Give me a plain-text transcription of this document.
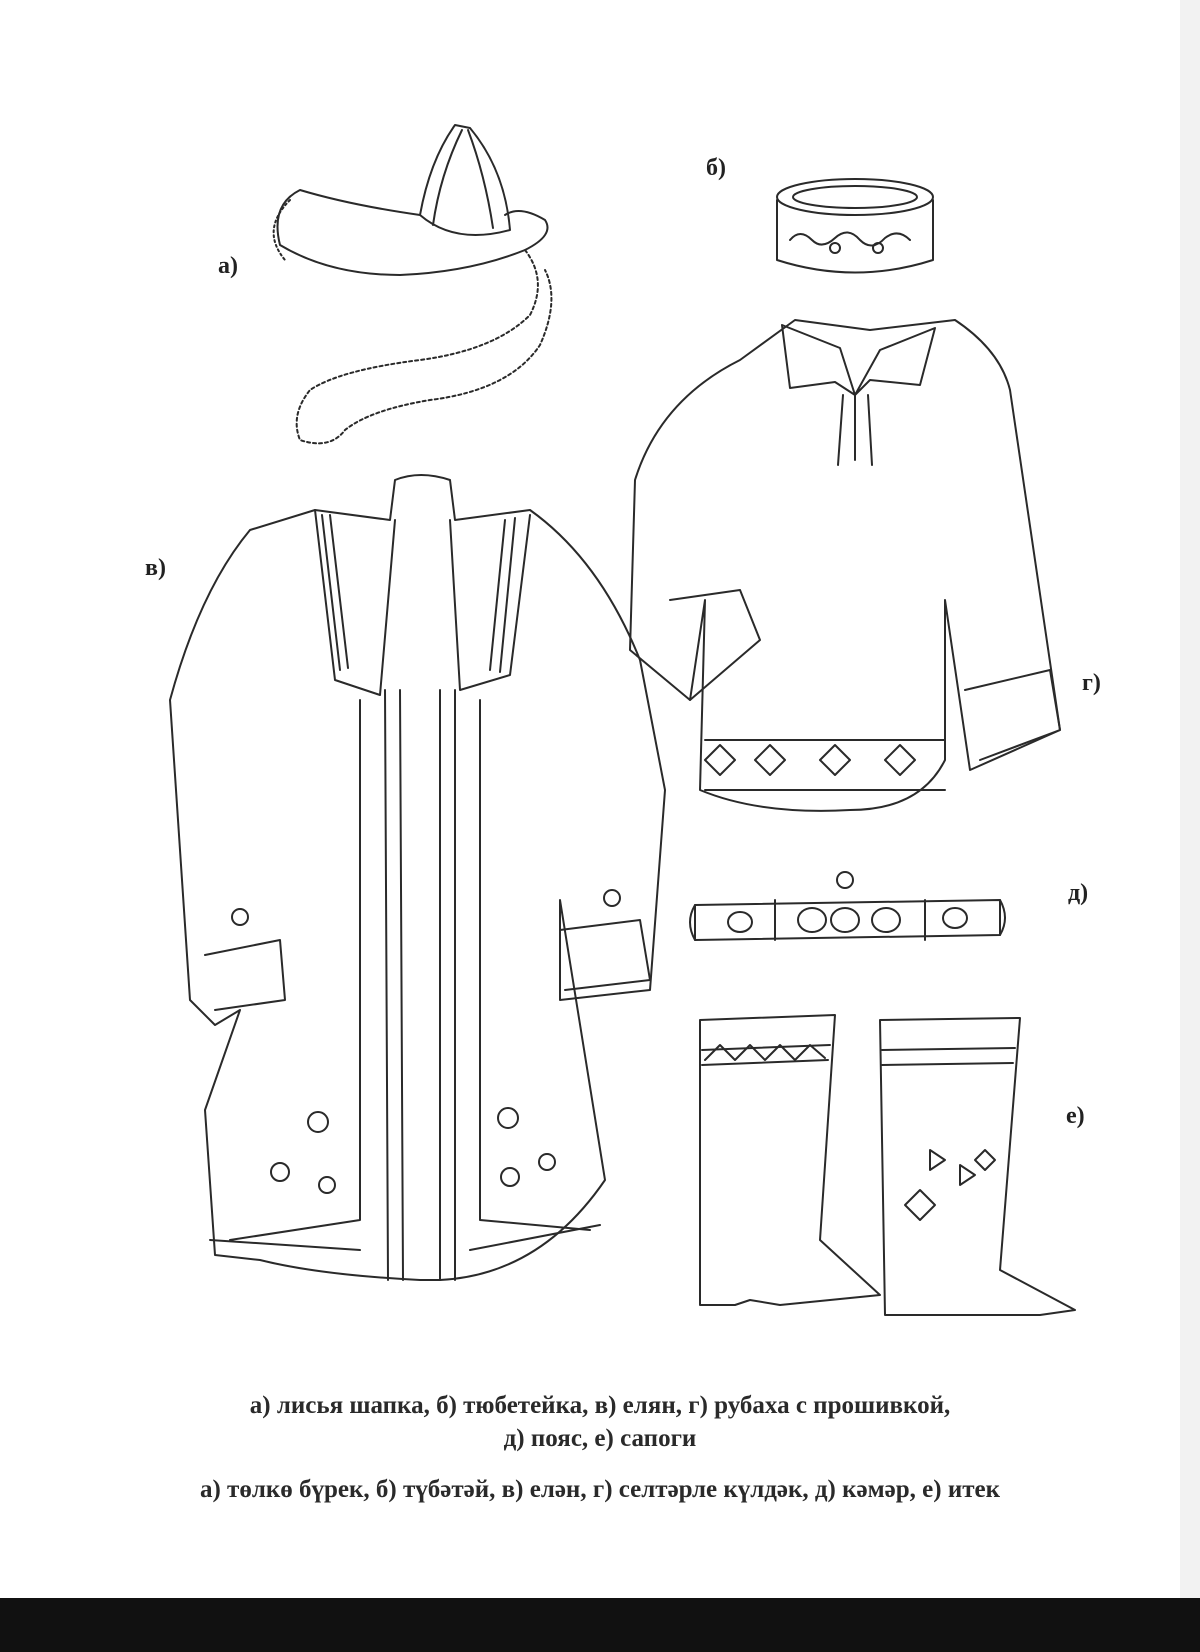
а)
б)
в)
г)
д)
е)
а) лисья шапка, б) тюбетейка, в) елян, г) рубаха с прошивкой,
д) пояс, е) сапоги
а) төлкө бүрек, б) түбәтәй, в) елән, г) селтәрле күлдәк, д) кәмәр, е) итек
